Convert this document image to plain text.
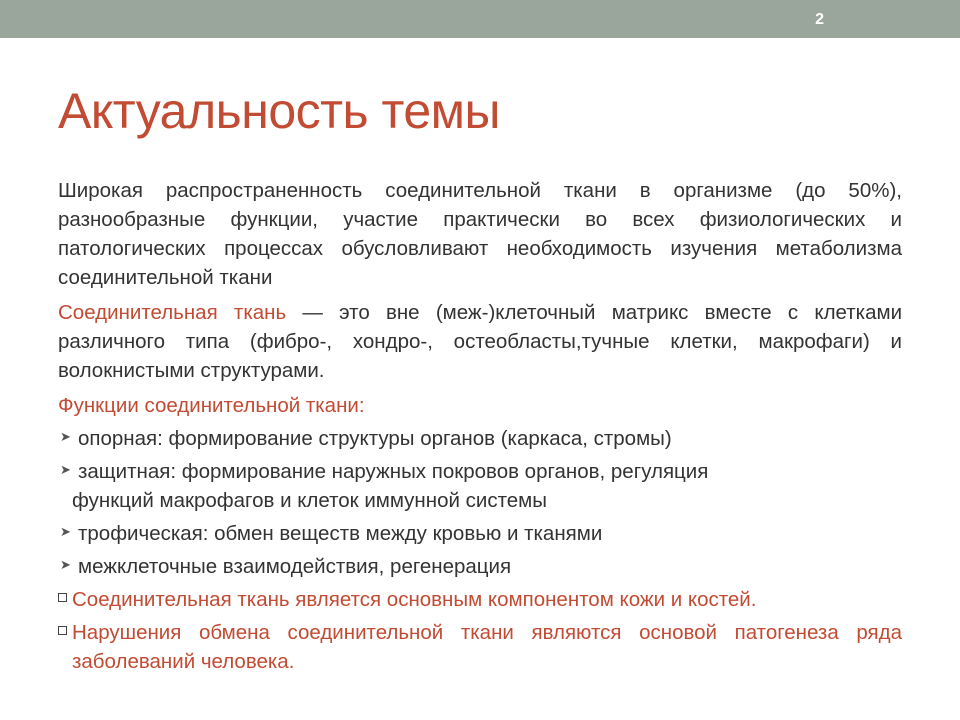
2
Актуальность темы

Широкая распространенность соединительной ткани в организме (до 50%), разнообразные функции, участие практически во всех физиологических и патологических процессах обусловливают необходимость изучения метаболизма соединительной ткани

Соединительная ткань — это вне (меж-)клеточный матрикс вместе с клетками различного типа (фибро-, хондро-, остеобласты,тучные клетки, макрофаги) и волокнистыми структурами.

Функции соединительной ткани:

➤ опорная: формирование структуры органов (каркаса, стромы)
➤ защитная: формирование наружных покровов органов, регуляция
функций макрофагов и клеток иммунной системы
➤ трофическая: обмен веществ между кровью и тканями
➤ межклеточные взаимодействия, регенерация

Соединительная ткань является основным компонентом кожи и костей.

Нарушения обмена соединительной ткани являются основой патогенеза ряда заболеваний человека.
